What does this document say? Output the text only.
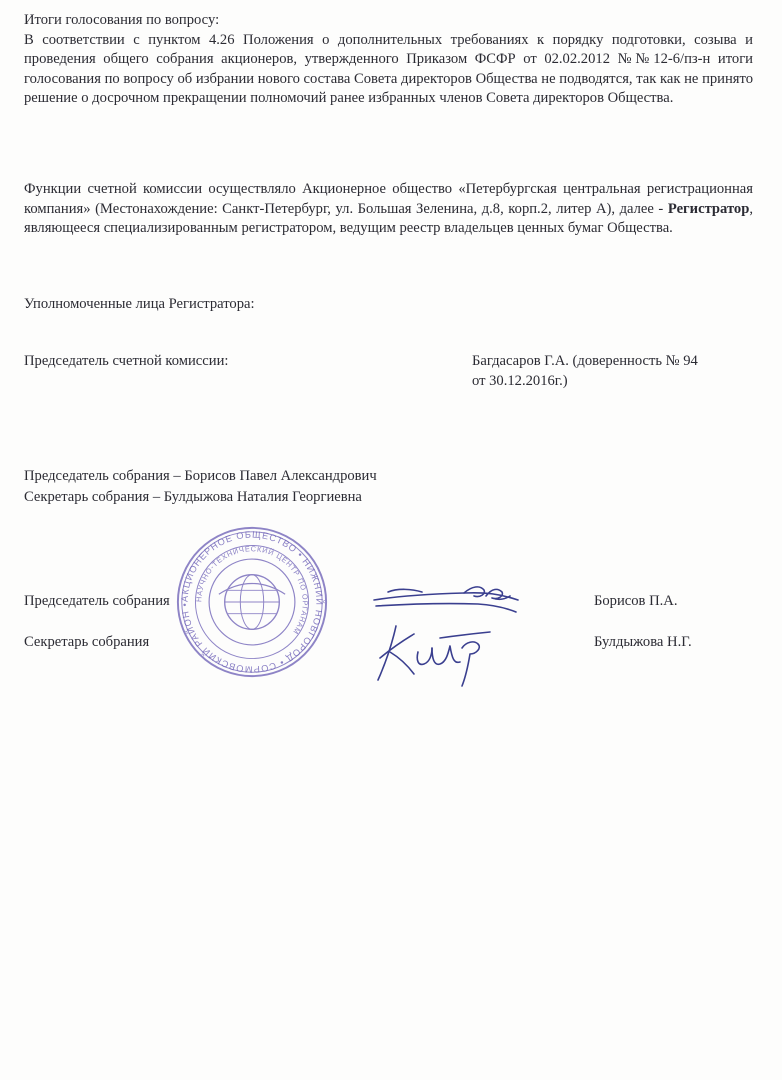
Итоги голосования по вопросу:
В соответствии с пунктом 4.26 Положения о дополнительных требованиях к порядку подготовки, созыва и проведения общего собрания акционеров, утвержденного Приказом ФСФР от 02.02.2012 №№12-6/пз-н итоги голосования по вопросу об избрании нового состава Совета директоров Общества не подводятся, так как не принято решение о досрочном прекращении полномочий ранее избранных членов Совета директоров Общества.
Функции счетной комиссии осуществляло Акционерное общество «Петербургская центральная регистрационная компания» (Местонахождение: Санкт-Петербург, ул. Большая Зеленина, д.8, корп.2, литер А), далее - Регистратор, являющееся специализированным регистратором, ведущим реестр владельцев ценных бумаг Общества.
Уполномоченные лица Регистратора:
Председатель счетной комиссии:	Багдасаров Г.А. (доверенность № 94
от 30.12.2016г.)
Председатель собрания – Борисов Павел Александрович
Секретарь собрания – Булдыжова Наталия Георгиевна
Председатель собрания	Борисов П.А.
Секретарь собрания	Булдыжова Н.Г.
АКЦИОНЕРНОЕ ОБЩЕСТВО • НИЖНИЙ НОВГОРОД • СОРМОВСКИЙ РАЙОН •
НАУЧНО-ТЕХНИЧЕСКИЙ ЦЕНТР ПО ОРГАНАМ
